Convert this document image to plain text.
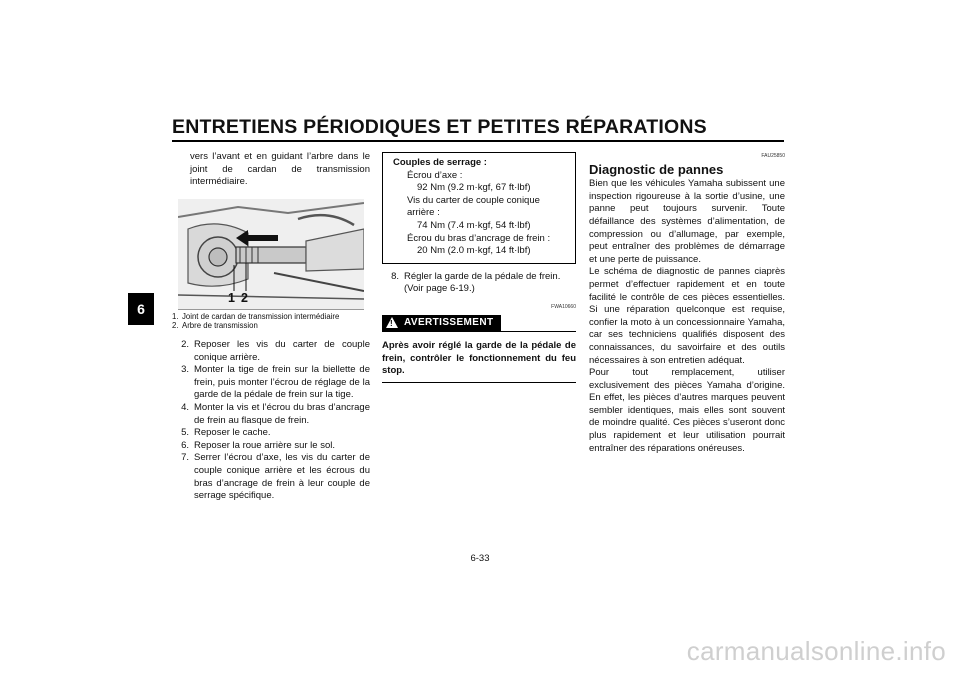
ENTRETIENS PÉRIODIQUES ET PETITES RÉPARATIONS
6
vers l’avant et en guidant l’arbre dans le joint de cardan de transmission intermédiaire.
1 2
1. Joint de cardan de transmission intermédiaire
2. Arbre de transmission
2. Reposer les vis du carter de couple conique arrière.
3. Monter la tige de frein sur la biellette de frein, puis monter l’écrou de réglage de la garde de la pédale de frein sur la tige.
4. Monter la vis et l’écrou du bras d’ancrage de frein au flasque de frein.
5. Reposer le cache.
6. Reposer la roue arrière sur le sol.
7. Serrer l’écrou d’axe, les vis du carter de couple conique arrière et les écrous du bras d’ancrage de frein à leur couple de serrage spécifique.
Couples de serrage :
Écrou d’axe :
92 Nm (9.2 m·kgf, 67 ft·lbf)
Vis du carter de couple conique arrière :
74 Nm (7.4 m·kgf, 54 ft·lbf)
Écrou du bras d’ancrage de frein :
20 Nm (2.0 m·kgf, 14 ft·lbf)
8. Régler la garde de la pédale de frein. (Voir page 6-19.)
FWA10660
! AVERTISSEMENT
Après avoir réglé la garde de la pédale de frein, contrôler le fonctionnement du feu stop.
FAU25850
Diagnostic de pannes
Bien que les véhicules Yamaha subissent une inspection rigoureuse à la sortie d’usine, une panne peut toujours survenir. Toute défaillance des systèmes d’alimentation, de compression ou d’allumage, par exemple, peut entraîner des problèmes de démarrage et une perte de puissance.
Le schéma de diagnostic de pannes ciaprès permet d’effectuer rapidement et en toute facilité le contrôle de ces pièces essentielles. Si une réparation quelconque est requise, confier la moto à un concessionnaire Yamaha, car ses techniciens qualifiés disposent des connaissances, du savoirfaire et des outils nécessaires à son entretien adéquat.
Pour tout remplacement, utiliser exclusivement des pièces Yamaha d’origine. En effet, les pièces d’autres marques peuvent sembler identiques, mais elles sont souvent de moindre qualité. Ces pièces s’useront donc plus rapidement et leur utilisation pourrait entraîner des réparations onéreuses.
6-33
carmanualsonline.info
